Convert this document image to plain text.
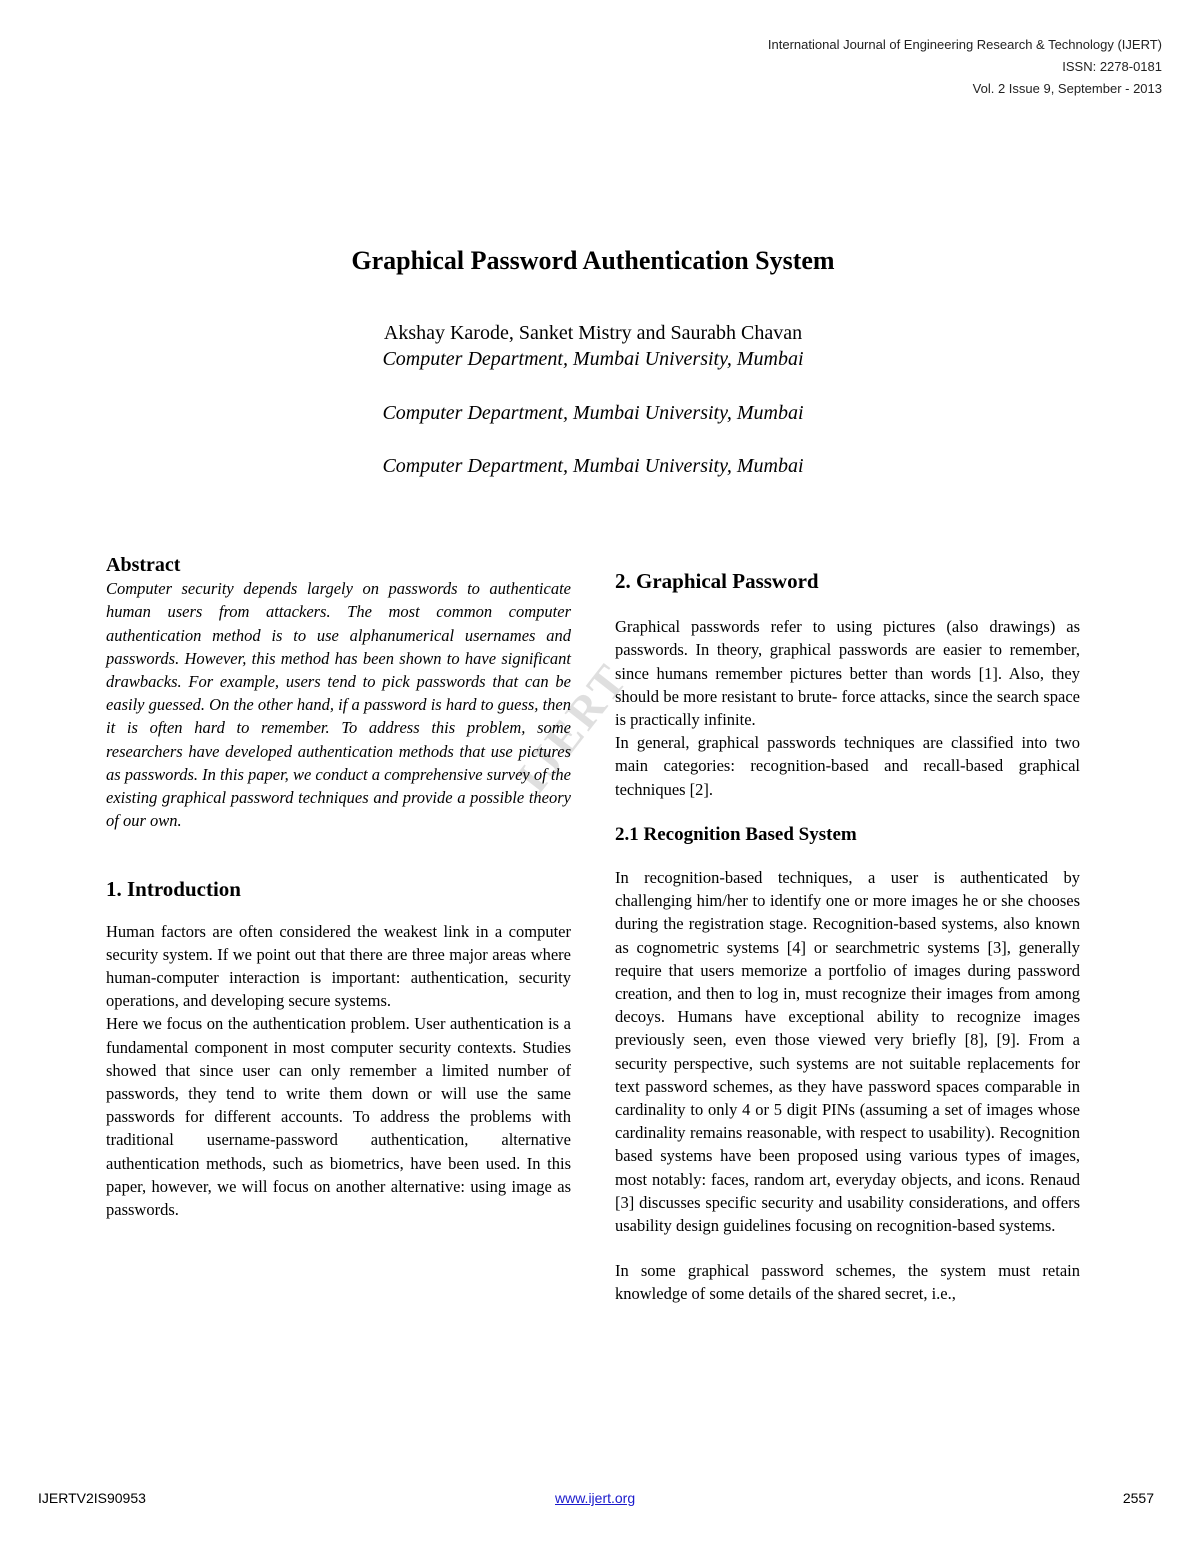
International Journal of Engineering Research & Technology (IJERT)
ISSN: 2278-0181
Vol. 2 Issue 9, September - 2013
Graphical Password Authentication System
Akshay Karode, Sanket Mistry and Saurabh Chavan
Computer Department, Mumbai University, Mumbai
Computer Department, Mumbai University, Mumbai
Computer Department, Mumbai University, Mumbai
IJERT

Abstract

Computer security depends largely on passwords to authenticate human users from attackers. The most common computer authentication method is to use alphanumerical usernames and passwords. However, this method has been shown to have significant drawbacks. For example, users tend to pick passwords that can be easily guessed. On the other hand, if a password is hard to guess, then it is often hard to remember. To address this problem, some researchers have developed authentication methods that use pictures as passwords. In this paper, we conduct a comprehensive survey of the existing graphical password techniques and provide a possible theory of our own.

1. Introduction

Human factors are often considered the weakest link in a computer security system. If we point out that there are three major areas where human-computer interaction is important: authentication, security operations, and developing secure systems.

Here we focus on the authentication problem. User authentication is a fundamental component in most computer security contexts. Studies showed that since user can only remember a limited number of passwords, they tend to write them down or will use the same passwords for different accounts. To address the problems with traditional username-password authentication, alternative authentication methods, such as biometrics, have been used. In this paper, however, we will focus on another alternative: using image as passwords.

2. Graphical Password

Graphical passwords refer to using pictures (also drawings) as passwords. In theory, graphical passwords are easier to remember, since humans remember pictures better than words [1]. Also, they should be more resistant to brute- force attacks, since the search space is practically infinite.

In general, graphical passwords techniques are classified into two main categories: recognition-based and recall-based graphical techniques [2].

2.1 Recognition Based System

In recognition-based techniques, a user is authenticated by challenging him/her to identify one or more images he or she chooses during the registration stage. Recognition-based systems, also known as cognometric systems [4] or searchmetric systems [3], generally require that users memorize a portfolio of images during password creation, and then to log in, must recognize their images from among decoys. Humans have exceptional ability to recognize images previously seen, even those viewed very briefly [8], [9]. From a security perspective, such systems are not suitable replacements for text password schemes, as they have password spaces comparable in cardinality to only 4 or 5 digit PINs (assuming a set of images whose cardinality remains reasonable, with respect to usability). Recognition based systems have been proposed using various types of images, most notably: faces, random art, everyday objects, and icons. Renaud [3] discusses specific security and usability considerations, and offers usability design guidelines focusing on recognition-based systems.

In some graphical password schemes, the system must retain knowledge of some details of the shared secret, i.e.,

IJERTV2IS90953	www.ijert.org	2557
